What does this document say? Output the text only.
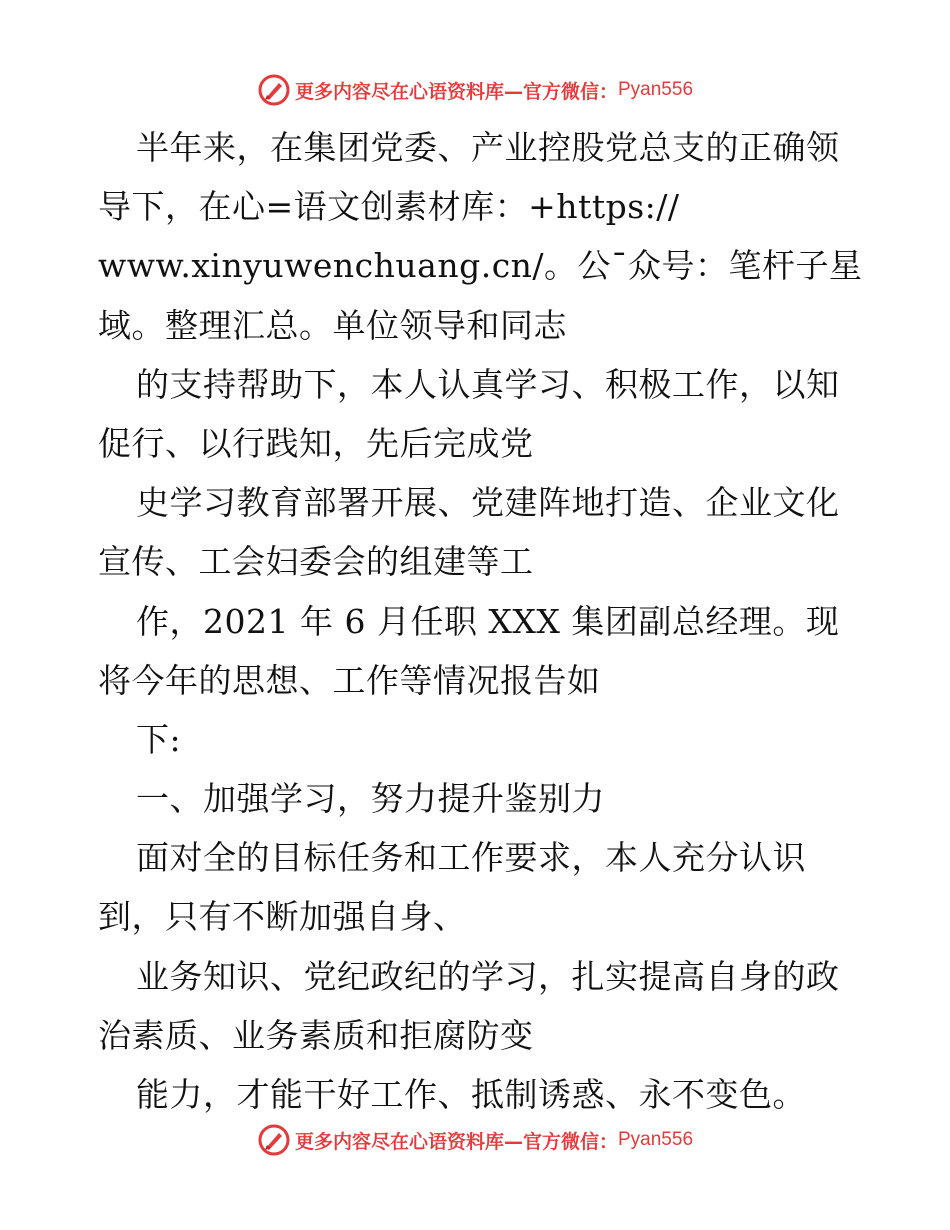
更多内容尽在心语资料库—官方微信： Pyan556
半年来，在集团党委、产业控股党总支的正确领
导下，在心=语文创素材库：+https://
www.xinyuwenchuang.cn/。公¯众号：笔杆子星
域。整理汇总。单位领导和同志
的支持帮助下，本人认真学习、积极工作，以知
促行、以行践知，先后完成党
史学习教育部署开展、党建阵地打造、企业文化
宣传、工会妇委会的组建等工
作，2021 年 6 月任职 XXX 集团副总经理。现
将今年的思想、工作等情况报告如
下:
一、加强学习，努力提升鉴别力
面对全的目标任务和工作要求，本人充分认识
到，只有不断加强自身、
业务知识、党纪政纪的学习，扎实提高自身的政
治素质、业务素质和拒腐防变
能力，才能干好工作、抵制诱惑、永不变色。
更多内容尽在心语资料库—官方微信： Pyan556
